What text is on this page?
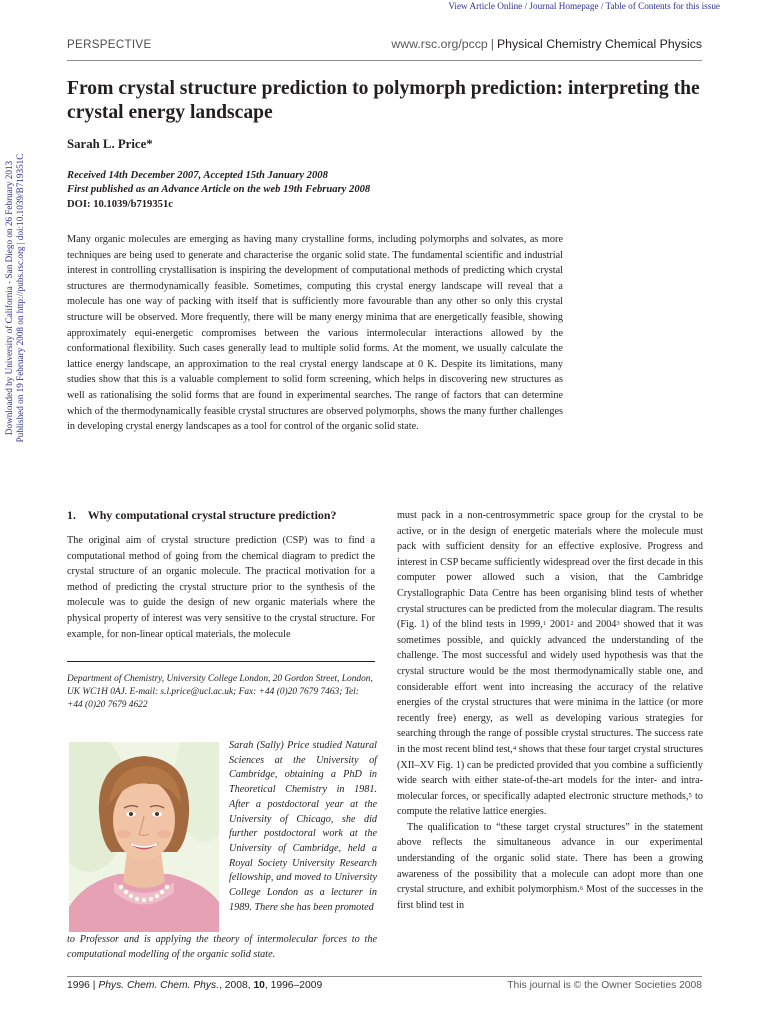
View Article Online / Journal Homepage / Table of Contents for this issue
Downloaded by University of California - San Diego on 26 February 2013 Published on 19 February 2008 on http://pubs.rsc.org | doi:10.1039/B719351C
PERSPECTIVE	www.rsc.org/pccp | Physical Chemistry Chemical Physics
From crystal structure prediction to polymorph prediction: interpreting the crystal energy landscape
Sarah L. Price*
Received 14th December 2007, Accepted 15th January 2008
First published as an Advance Article on the web 19th February 2008
DOI: 10.1039/b719351c

Many organic molecules are emerging as having many crystalline forms, including polymorphs and solvates, as more techniques are being used to generate and characterise the organic solid state. The fundamental scientific and industrial interest in controlling crystallisation is inspiring the development of computational methods of predicting which crystal structures are thermodynamically feasible. Sometimes, computing this crystal energy landscape will reveal that a molecule has one way of packing with itself that is sufficiently more favourable than any other so only this crystal structure will be observed. More frequently, there will be many energy minima that are energetically feasible, showing approximately equi-energetic compromises between the various intermolecular interactions allowed by the conformational flexibility. Such cases generally lead to multiple solid forms. At the moment, we usually calculate the lattice energy landscape, an approximation to the real crystal energy landscape at 0 K. Despite its limitations, many studies show that this is a valuable complement to solid form screening, which helps in discovering new structures as well as rationalising the solid forms that are found in experimental searches. The range of factors that can determine which of the thermodynamically feasible crystal structures are observed polymorphs, shows the many further challenges in developing crystal energy landscapes as a tool for control of the organic solid state.

1. Why computational crystal structure prediction?

The original aim of crystal structure prediction (CSP) was to find a computational method of going from the chemical diagram to predict the crystal structure of an organic molecule. The practical motivation for a method of predicting the crystal structure prior to the synthesis of the molecule was to guide the design of new organic materials where the physical property of interest was very sensitive to the crystal structure. For example, for non-linear optical materials, the molecule

Department of Chemistry, University College London, 20 Gordon Street, London, UK WC1H 0AJ. E-mail: s.l.price@ucl.ac.uk; Fax: +44 (0)20 7679 7463; Tel: +44 (0)20 7679 4622

Sarah (Sally) Price studied Natural Sciences at the University of Cambridge, obtaining a PhD in Theoretical Chemistry in 1981. After a postdoctoral year at the University of Chicago, she did further postdoctoral work at the University of Cambridge, held a Royal Society University Research fellowship, and moved to University College London as a lecturer in 1989. There she has been promoted

to Professor and is applying the theory of intermolecular forces to the computational modelling of the organic solid state.

must pack in a non-centrosymmetric space group for the crystal to be active, or in the design of energetic materials where the molecule must pack with sufficient density for an effective explosive. Progress and interest in CSP became sufficiently widespread over the first decade in this computer power allowed such a vision, that the Cambridge Crystallographic Data Centre has been organising blind tests of whether crystal structures can be predicted from the molecular diagram. The results (Fig. 1) of the blind tests in 1999,$^1$ 2001$^2$ and 2004$^3$ showed that it was sometimes possible, and quickly advanced the understanding of the challenge. The most successful and widely used hypothesis was that the crystal structure would be the most thermodynamically stable one, and considerable effort went into increasing the accuracy of the relative energies of the crystal structures that were minima in the lattice (or more recently free) energy, as well as developing various strategies for searching through the range of possible crystal structures. The success rate in the most recent blind test,$^4$ shows that these four target crystal structures (XII–XV Fig. 1) can be predicted provided that you combine a sufficiently wide search with either state-of-the-art models for the inter- and intra-molecular forces, or specifically adapted electronic structure methods,$^5$ to compute the relative lattice energies.

The qualification to “these target crystal structures” in the statement above reflects the simultaneous advance in our experimental understanding of the organic solid state. There has been a growing awareness of the possibility that a molecule can adopt more than one crystal structure, and exhibit polymorphism.$^6$ Most of the successes in the first blind test in

1996 | Phys. Chem. Chem. Phys., 2008, 10, 1996–2009	This journal is © the Owner Societies 2008
